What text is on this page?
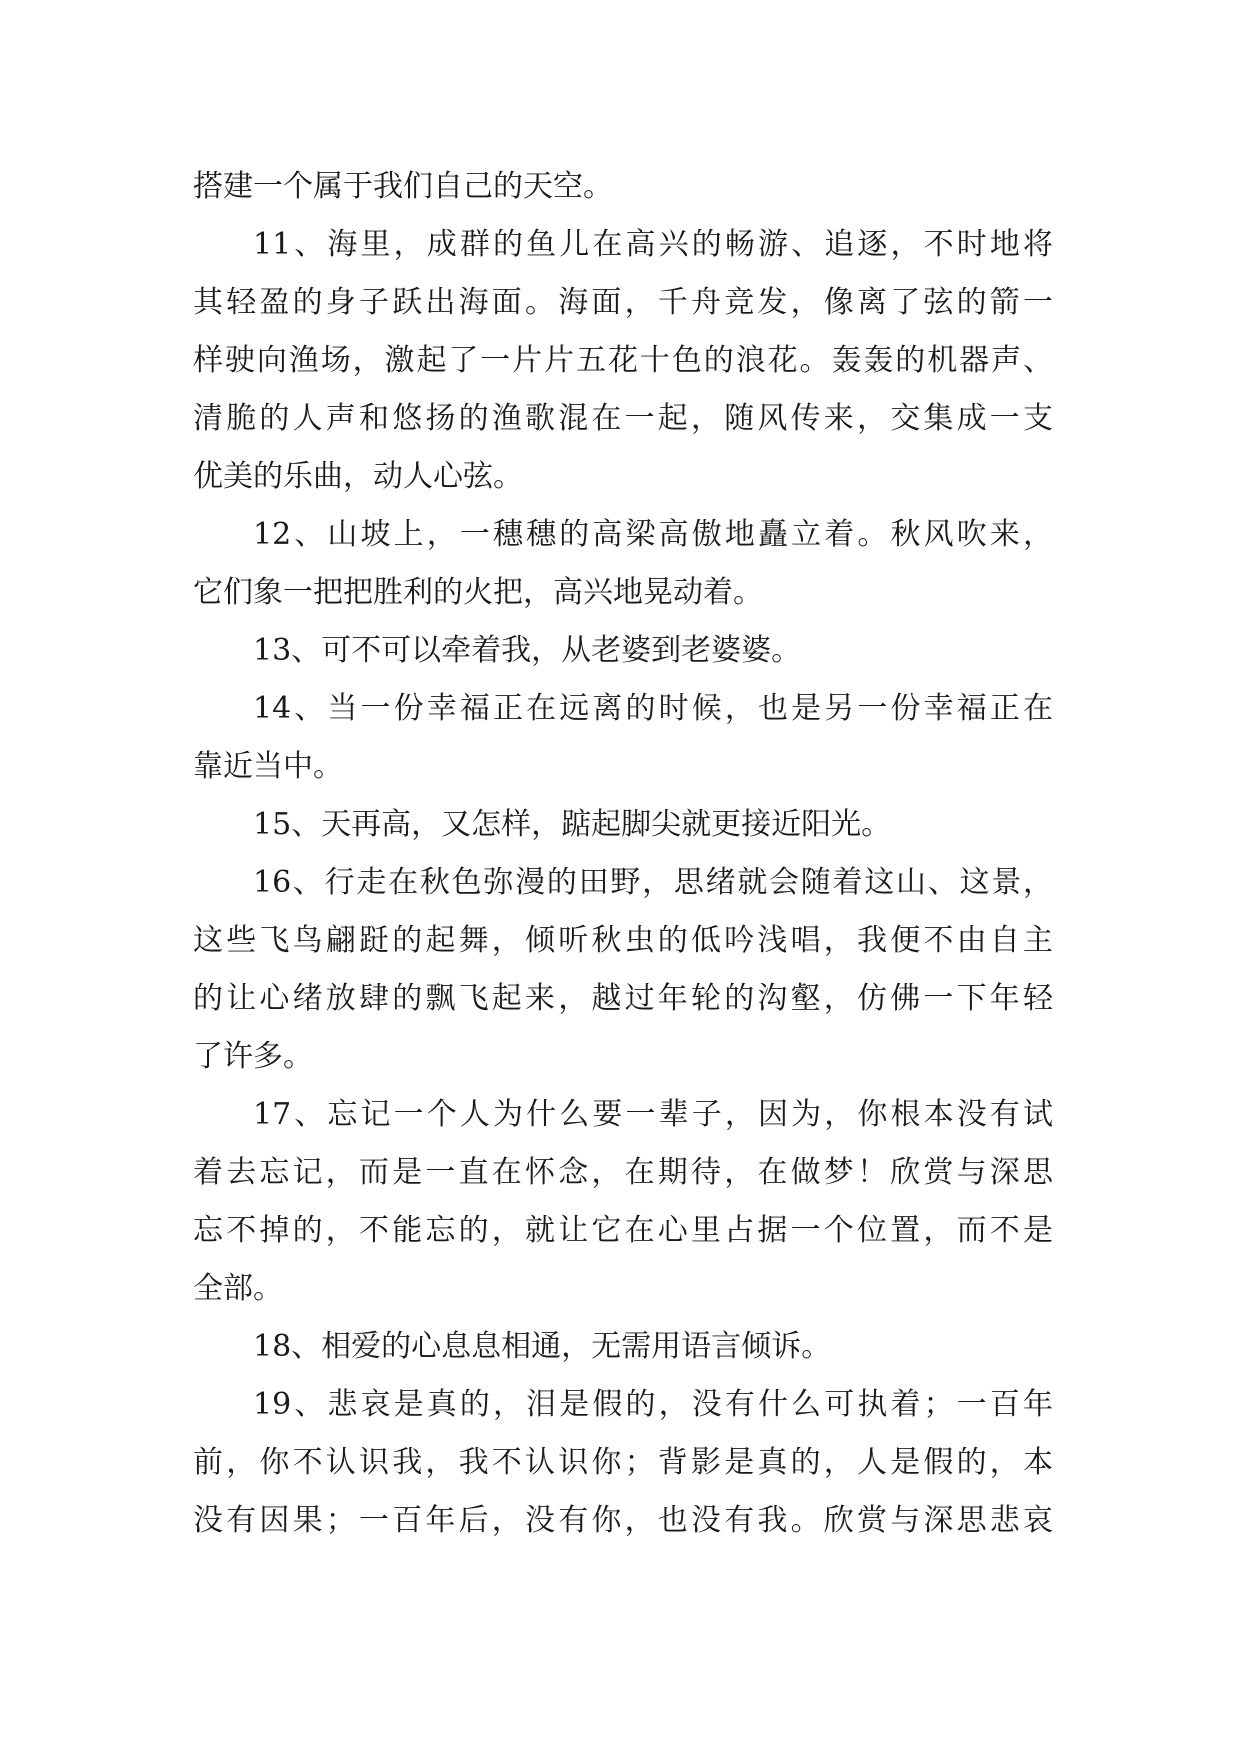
搭建一个属于我们自己的天空。
11、海里，成群的鱼儿在高兴的畅游、追逐，不时地将
其轻盈的身子跃出海面。海面，千舟竞发，像离了弦的箭一
样驶向渔场，激起了一片片五花十色的浪花。轰轰的机器声、
清脆的人声和悠扬的渔歌混在一起，随风传来，交集成一支
优美的乐曲，动人心弦。
12、山坡上，一穗穗的高梁高傲地矗立着。秋风吹来，
它们象一把把胜利的火把，高兴地晃动着。
13、可不可以牵着我，从老婆到老婆婆。
14、当一份幸福正在远离的时候，也是另一份幸福正在
靠近当中。
15、天再高，又怎样，踮起脚尖就更接近阳光。
16、行走在秋色弥漫的田野，思绪就会随着这山、这景，
这些飞鸟翩跹的起舞，倾听秋虫的低吟浅唱，我便不由自主
的让心绪放肆的飘飞起来，越过年轮的沟壑，仿佛一下年轻
了许多。
17、忘记一个人为什么要一辈子，因为，你根本没有试
着去忘记，而是一直在怀念，在期待，在做梦！欣赏与深思
忘不掉的，不能忘的，就让它在心里占据一个位置，而不是
全部。
18、相爱的心息息相通，无需用语言倾诉。
19、悲哀是真的，泪是假的，没有什么可执着；一百年
前，你不认识我，我不认识你；背影是真的，人是假的，本
没有因果；一百年后，没有你，也没有我。欣赏与深思悲哀
